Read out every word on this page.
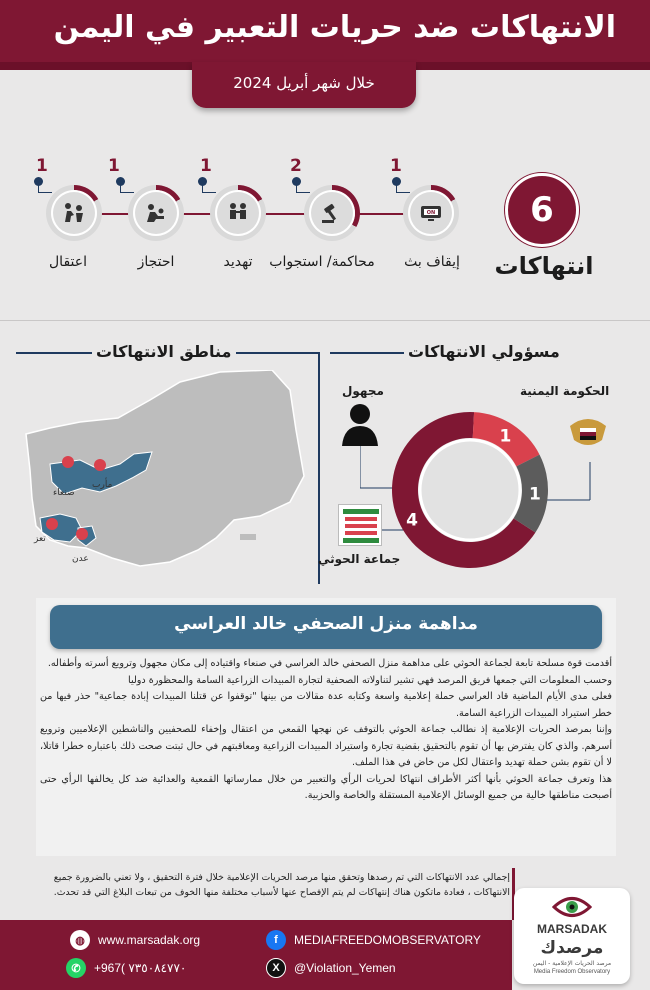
الانتهاكات ضد حريات التعبير في اليمن
خلال شهر أبريل 2024
6
انتهاكات
1
ON
إيقاف بث
2
محاكمة/ استجواب
1
تهديد
1
احتجاز
1
اعتقال
مسؤولي الانتهاكات
مناطق الانتهاكات
صنعاء
مأرب
عدن
تعز
الحكومة اليمنية
مجهول
جماعة الحوثي
4
1
1
مداهمة منزل الصحفي خالد العراسي

أقدمت قوة مسلحة تابعة لجماعة الحوثي على مداهمة منزل الصحفي خالد العراسي في صنعاء واقتياده إلى مكان مجهول وترويع أسرته وأطفاله.

وحسب المعلومات التي جمعها فريق المرصد فهي تشير لتناولاته الصحفية لتجارة المبيدات الزراعية السامة والمحظورة دوليا

فعلى مدى الأيام الماضية قاد العراسي حملة إعلامية واسعة وكتابه عدة مقالات من بينها "توقفوا عن قتلنا المبيدات إبادة جماعية" حذر فيها من خطر استيراد المبيدات الزراعية السامة.

وإننا بمرصد الحريات الإعلامية إذ نطالب جماعة الحوثي بالتوقف عن نهجها القمعي من اعتقال وإخفاء للصحفيين والناشطين الإعلاميين وترويع أسرهم. والذي كان يفترض بها أن تقوم بالتحقيق بقضية تجارة واستيراد المبيدات الزراعية ومعاقبتهم في حال ثبتت صحت ذلك باعتباره خطرا قاتلا، لا أن تقوم بشن حملة تهديد واعتقال لكل من خاض في هذا الملف.

هذا وتعرف جماعة الحوثي بأنها أكثر الأطراف انتهاكا لحريات الرأي والتعبير من خلال ممارساتها القمعية والعدائية ضد كل يخالفها الرأي حتى أصبحت مناطقها خالية من جميع الوسائل الإعلامية المستقلة والخاصة والحزبية.

إجمالي عدد الانتهاكات التي تم رصدها وتحقق منها مرصد الحريات الإعلامية خلال فترة التحقيق ، ولا تعني بالضرورة جميع الانتهاكات ، فعادة ماتكون هناك إنتهاكات لم يتم الإفصاح عنها لأسباب مختلفة منها الخوف من تبعات البلاغ التي قد تحدث.
◍	www.marsadak.org	f	MEDIAFREEDOMOBSERVATORY
✆	+967( ٧٣٥٠٨٤٧٧٠	X	@Violation_Yemen
MARSADAK
مرصدك
مرصد الحريات الإعلامية - اليمن
Media Freedom Observatory
